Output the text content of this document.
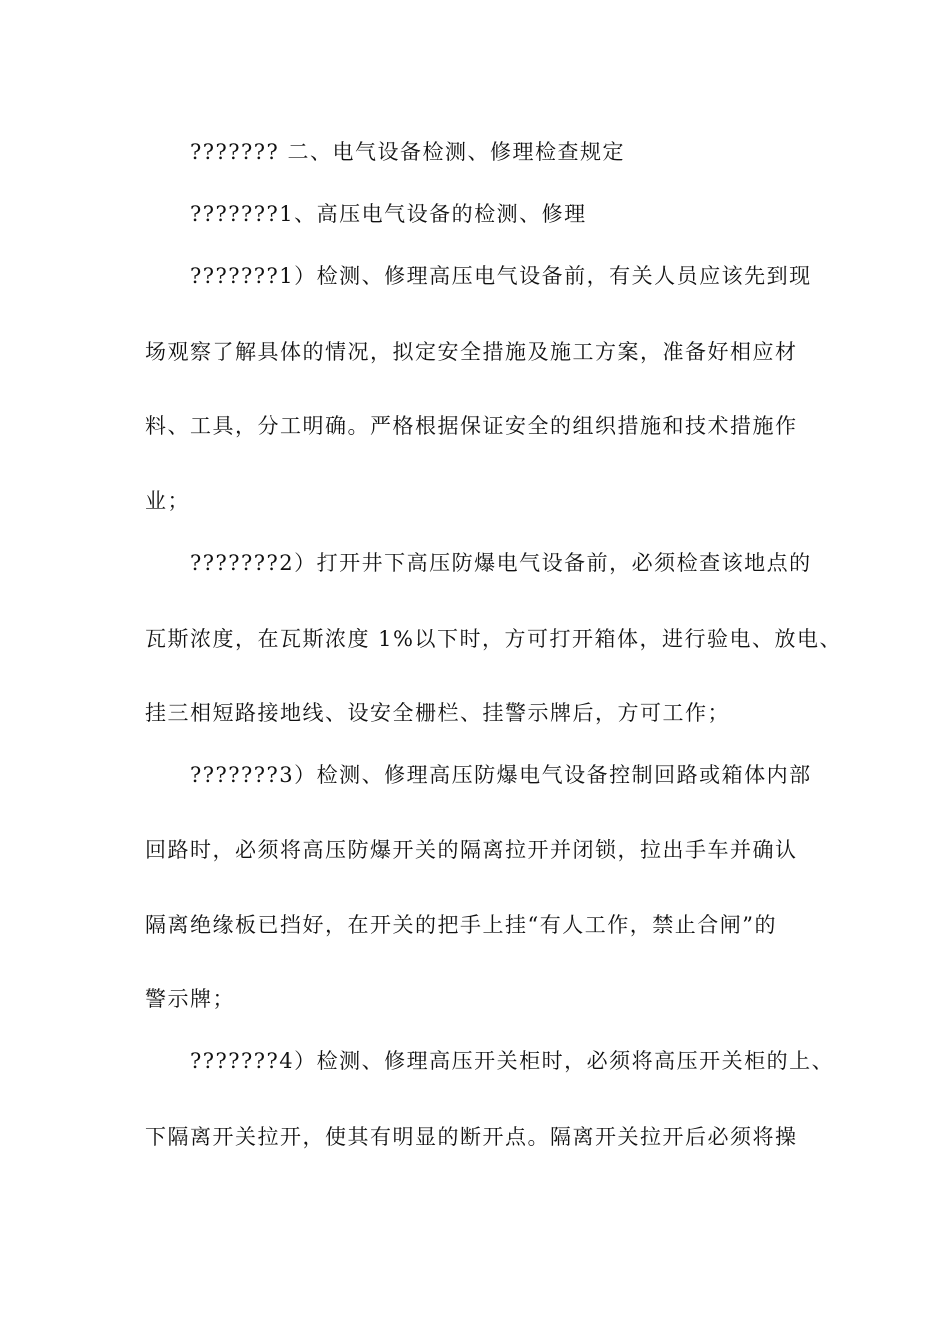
??????? 二、电气设备检测、修理检查规定
???????1、高压电气设备的检测、修理
???????1）检测、修理高压电气设备前，有关人员应该先到现
场观察了解具体的情况，拟定安全措施及施工方案，准备好相应材
料、工具，分工明确。严格根据保证安全的组织措施和技术措施作
业；
???????2）打开井下高压防爆电气设备前，必须检查该地点的
瓦斯浓度，在瓦斯浓度 1%以下时，方可打开箱体，进行验电、放电、
挂三相短路接地线、设安全栅栏、挂警示牌后，方可工作；
???????3）检测、修理高压防爆电气设备控制回路或箱体内部
回路时，必须将高压防爆开关的隔离拉开并闭锁，拉出手车并确认
隔离绝缘板已挡好，在开关的把手上挂“有人工作，禁止合闸”的
警示牌；
???????4）检测、修理高压开关柜时，必须将高压开关柜的上、
下隔离开关拉开，使其有明显的断开点。隔离开关拉开后必须将操
